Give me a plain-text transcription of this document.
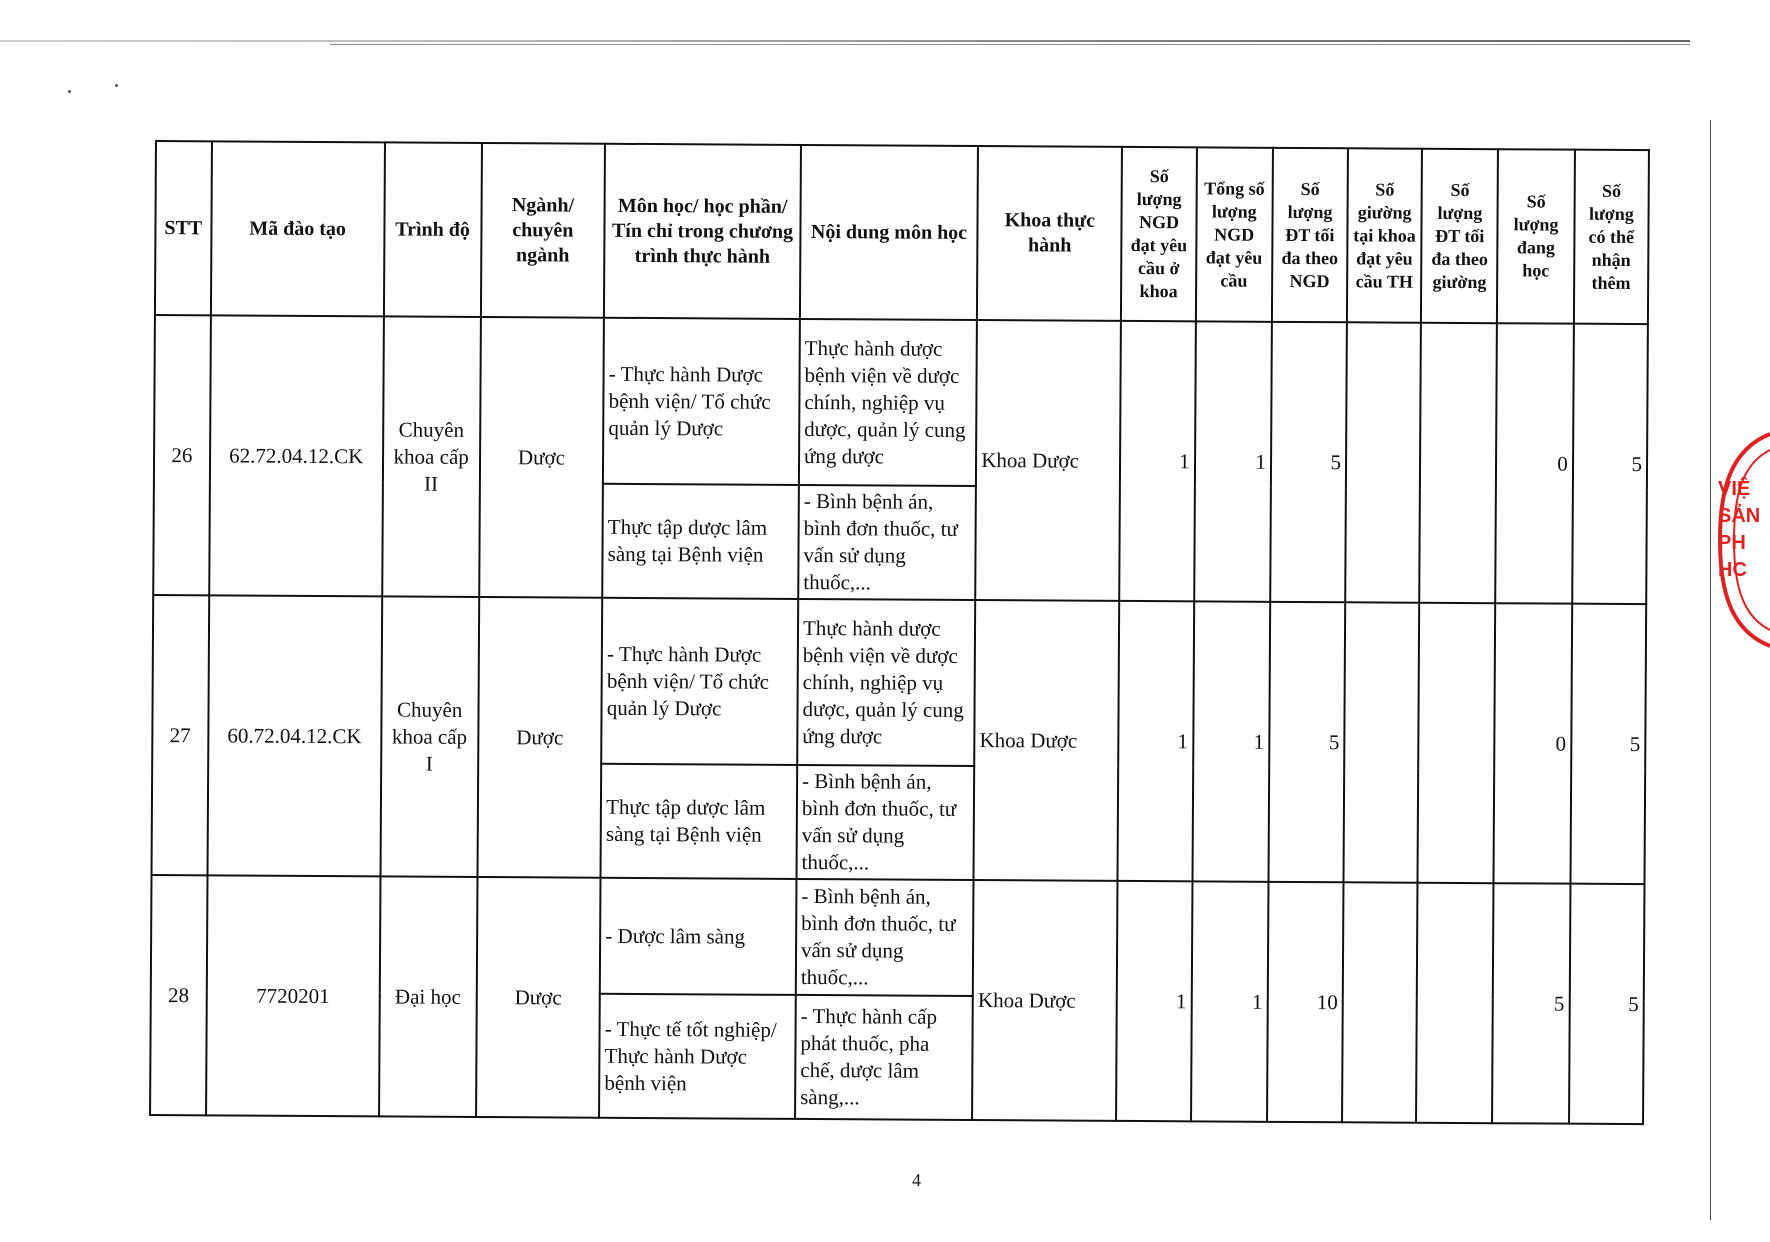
STT	Mã đào tạo	Trình độ	Ngành/ chuyên ngành	Môn học/ học phần/ Tín chỉ trong chương trình thực hành	Nội dung môn học	Khoa thực hành	Số lượng NGD đạt yêu cầu ở khoa	Tổng số lượng NGD đạt yêu cầu	Số lượng ĐT tối đa theo NGD	Số giường tại khoa đạt yêu cầu TH	Số lượng ĐT tối đa theo giường	Số lượng đang học	Số lượng có thể nhận thêm
26	62.72.04.12.CK	Chuyên khoa cấp II	Dược	- Thực hành Dược bệnh viện/ Tổ chức quản lý Dược	Thực hành dược bệnh viện về dược chính, nghiệp vụ dược, quản lý cung ứng dược	Khoa Dược	1	1	5			0	5
				Thực tập dược lâm sàng tại Bệnh viện	- Bình bệnh án, bình đơn thuốc, tư vấn sử dụng thuốc,...								
27	60.72.04.12.CK	Chuyên khoa cấp I	Dược	- Thực hành Dược bệnh viện/ Tổ chức quản lý Dược	Thực hành dược bệnh viện về dược chính, nghiệp vụ dược, quản lý cung ứng dược	Khoa Dược	1	1	5			0	5
				Thực tập dược lâm sàng tại Bệnh viện	- Bình bệnh án, bình đơn thuốc, tư vấn sử dụng thuốc,...								
28	7720201	Đại học	Dược	- Dược lâm sàng	- Bình bệnh án, bình đơn thuốc, tư vấn sử dụng thuốc,...	Khoa Dược	1	1	10			5	5
				- Thực tế tốt nghiệp/ Thực hành Dược bệnh viện	- Thực hành cấp phát thuốc, pha chế, dược lâm sàng,...								
4
VIỆ
SẢN
PH
HC
